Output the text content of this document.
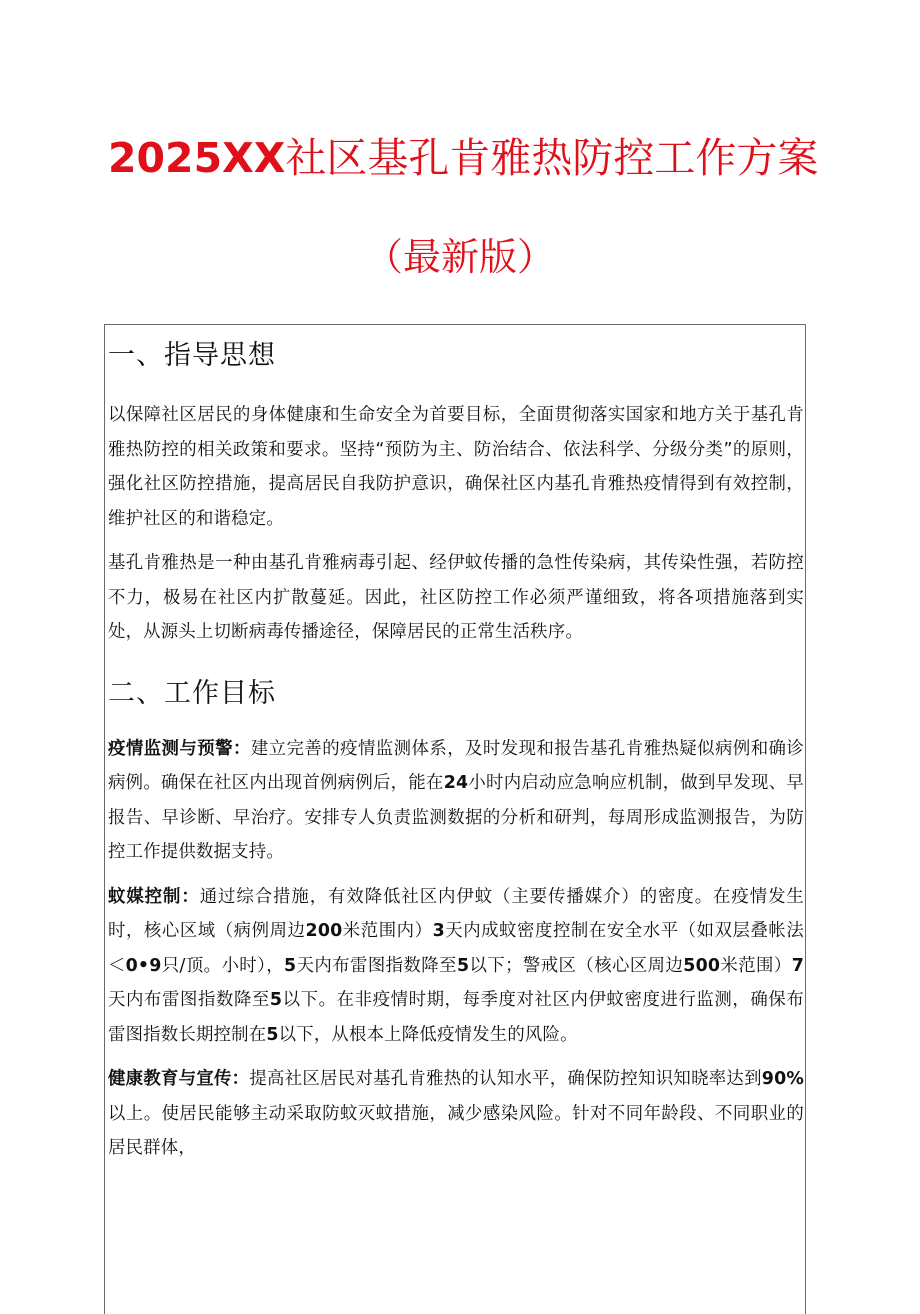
2025XX社区基孔肯雅热防控工作方案
（最新版）
一、指导思想

以保障社区居民的身体健康和生命安全为首要目标，全面贯彻落实国家和地方关于基孔肯雅热防控的相关政策和要求。坚持“预防为主、防治结合、依法科学、分级分类”的原则，强化社区防控措施，提高居民自我防护意识，确保社区内基孔肯雅热疫情得到有效控制，维护社区的和谐稳定。

基孔肯雅热是一种由基孔肯雅病毒引起、经伊蚊传播的急性传染病，其传染性强，若防控不力，极易在社区内扩散蔓延。因此，社区防控工作必须严谨细致，将各项措施落到实处，从源头上切断病毒传播途径，保障居民的正常生活秩序。

二、工作目标

疫情监测与预警：建立完善的疫情监测体系，及时发现和报告基孔肯雅热疑似病例和确诊病例。确保在社区内出现首例病例后，能在24小时内启动应急响应机制，做到早发现、早报告、早诊断、早治疗。安排专人负责监测数据的分析和研判，每周形成监测报告，为防控工作提供数据支持。

蚊媒控制：通过综合措施，有效降低社区内伊蚊（主要传播媒介）的密度。在疫情发生时，核心区域（病例周边200米范围内）3天内成蚊密度控制在安全水平（如双层叠帐法＜0•9只/顶。小时），5天内布雷图指数降至5以下；警戒区（核心区周边500米范围）7天内布雷图指数降至5以下。在非疫情时期，每季度对社区内伊蚊密度进行监测，确保布雷图指数长期控制在5以下，从根本上降低疫情发生的风险。

健康教育与宣传：提高社区居民对基孔肯雅热的认知水平，确保防控知识知晓率达到90%以上。使居民能够主动采取防蚊灭蚊措施，减少感染风险。针对不同年龄段、不同职业的居民群体，
